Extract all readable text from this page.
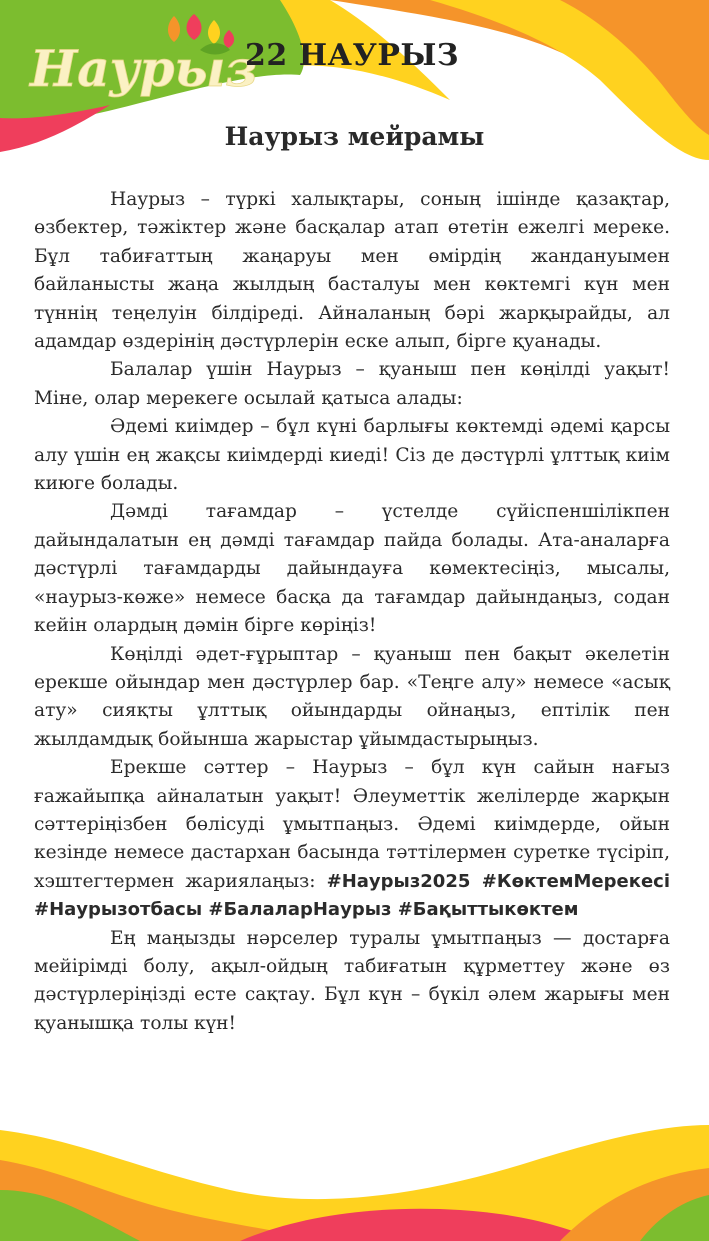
Наурыз
22 НАУРЫЗ
Наурыз мейрамы

Наурыз – түркі халықтары, соның ішінде қазақтар, өзбектер, тәжіктер және басқалар атап өтетін ежелгі мереке. Бұл табиғаттың жаңаруы мен өмірдің жандануымен байланысты жаңа жылдың басталуы мен көктемгі күн мен түннің теңелуін білдіреді. Айналаның бәрі жарқырайды, ал адамдар өздерінің дәстүрлерін еске алып, бірге қуанады.

Балалар үшін Наурыз – қуаныш пен көңілді уақыт! Міне, олар мерекеге осылай қатыса алады:

Әдемі киімдер – бұл күні барлығы көктемді әдемі қарсы алу үшін ең жақсы киімдерді киеді! Сіз де дәстүрлі ұлттық киім киюге болады.

Дәмді тағамдар – үстелде сүйіспеншілікпен дайындалатын ең дәмді тағамдар пайда болады. Ата-аналарға дәстүрлі тағамдарды дайындауға көмектесіңіз, мысалы, «наурыз-көже» немесе басқа да тағамдар дайындаңыз, содан кейін олардың дәмін бірге көріңіз!

Көңілді әдет-ғұрыптар – қуаныш пен бақыт әкелетін ерекше ойындар мен дәстүрлер бар. «Теңге алу» немесе «асық ату» сияқты ұлттық ойындарды ойнаңыз, ептілік пен жылдамдық бойынша жарыстар ұйымдастырыңыз.

Ерекше сәттер – Наурыз – бұл күн сайын нағыз ғажайыпқа айналатын уақыт! Әлеуметтік желілерде жарқын сәттеріңізбен бөлісуді ұмытпаңыз. Әдемі киімдерде, ойын кезінде немесе дастархан басында тәттілермен суретке түсіріп, хэштегтермен жариялаңыз: #Наурыз2025 #КөктемМерекесі #Наурызотбасы #БалаларНаурыз #Бақыттыкөктем

Ең маңызды нәрселер туралы ұмытпаңыз — достарға мейірімді болу, ақыл-ойдың табиғатын құрметтеу және өз дәстүрлеріңізді есте сақтау. Бұл күн – бүкіл әлем жарығы мен қуанышқа толы күн!
